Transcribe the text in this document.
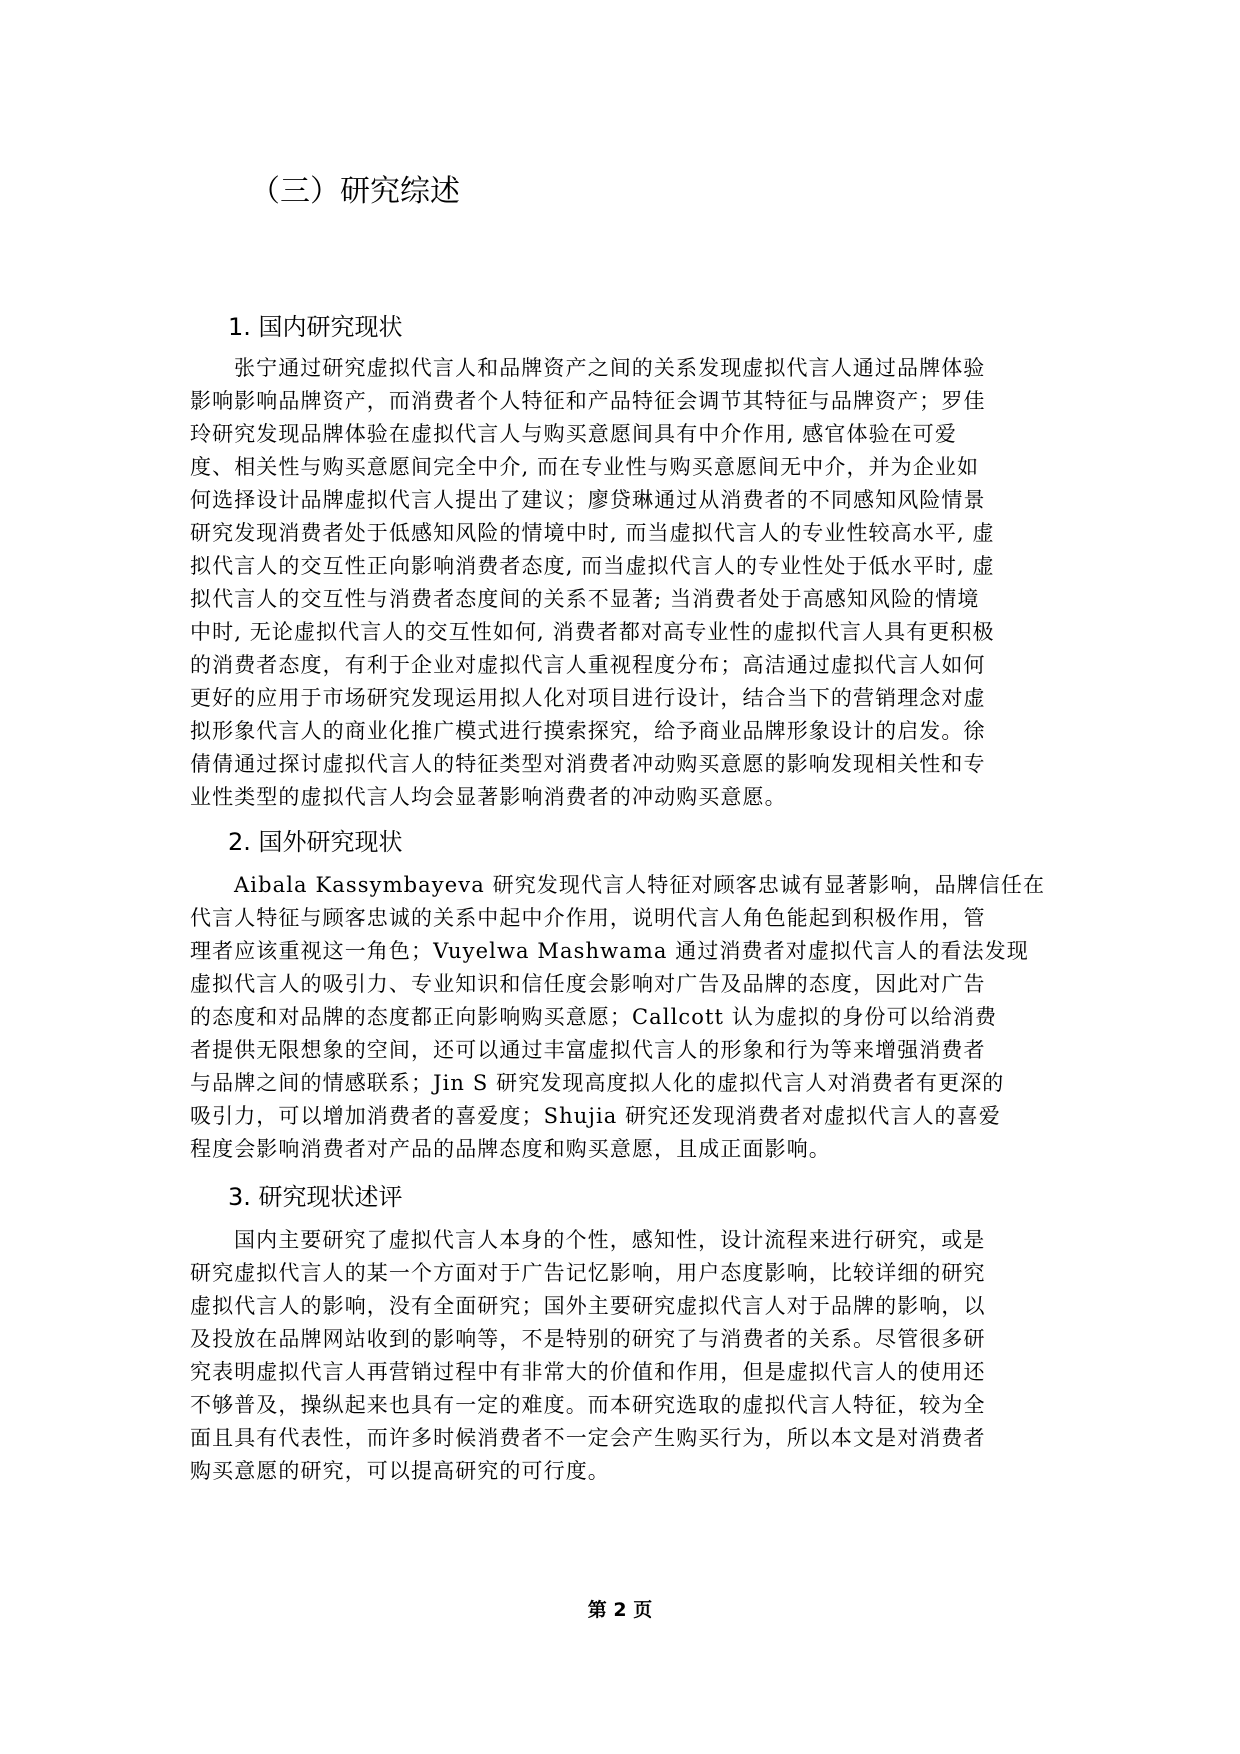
（三）研究综述
1. 国内研究现状
张宁通过研究虚拟代言人和品牌资产之间的关系发现虚拟代言人通过品牌体验
影响影响品牌资产，而消费者个人特征和产品特征会调节其特征与品牌资产；罗佳
玲研究发现品牌体验在虚拟代言人与购买意愿间具有中介作用, 感官体验在可爱
度、相关性与购买意愿间完全中介, 而在专业性与购买意愿间无中介，并为企业如
何选择设计品牌虚拟代言人提出了建议；廖贷琳通过从消费者的不同感知风险情景
研究发现消费者处于低感知风险的情境中时, 而当虚拟代言人的专业性较高水平, 虚
拟代言人的交互性正向影响消费者态度, 而当虚拟代言人的专业性处于低水平时, 虚
拟代言人的交互性与消费者态度间的关系不显著; 当消费者处于高感知风险的情境
中时, 无论虚拟代言人的交互性如何, 消费者都对高专业性的虚拟代言人具有更积极
的消费者态度，有利于企业对虚拟代言人重视程度分布；高洁通过虚拟代言人如何
更好的应用于市场研究发现运用拟人化对项目进行设计，结合当下的营销理念对虚
拟形象代言人的商业化推广模式进行摸索探究，给予商业品牌形象设计的启发。徐
倩倩通过探讨虚拟代言人的特征类型对消费者冲动购买意愿的影响发现相关性和专
业性类型的虚拟代言人均会显著影响消费者的冲动购买意愿。
2. 国外研究现状
Aibala Kassymbayeva 研究发现代言人特征对顾客忠诚有显著影响，品牌信任在
代言人特征与顾客忠诚的关系中起中介作用，说明代言人角色能起到积极作用，管
理者应该重视这一角色；Vuyelwa Mashwama 通过消费者对虚拟代言人的看法发现
虚拟代言人的吸引力、专业知识和信任度会影响对广告及品牌的态度，因此对广告
的态度和对品牌的态度都正向影响购买意愿；Callcott 认为虚拟的身份可以给消费
者提供无限想象的空间，还可以通过丰富虚拟代言人的形象和行为等来增强消费者
与品牌之间的情感联系；Jin S 研究发现高度拟人化的虚拟代言人对消费者有更深的
吸引力，可以增加消费者的喜爱度；Shujia 研究还发现消费者对虚拟代言人的喜爱
程度会影响消费者对产品的品牌态度和购买意愿，且成正面影响。
3. 研究现状述评
国内主要研究了虚拟代言人本身的个性，感知性，设计流程来进行研究，或是
研究虚拟代言人的某一个方面对于广告记忆影响，用户态度影响，比较详细的研究
虚拟代言人的影响，没有全面研究；国外主要研究虚拟代言人对于品牌的影响，以
及投放在品牌网站收到的影响等，不是特别的研究了与消费者的关系。尽管很多研
究表明虚拟代言人再营销过程中有非常大的价值和作用，但是虚拟代言人的使用还
不够普及，操纵起来也具有一定的难度。而本研究选取的虚拟代言人特征，较为全
面且具有代表性，而许多时候消费者不一定会产生购买行为，所以本文是对消费者
购买意愿的研究，可以提高研究的可行度。
第 2 页
